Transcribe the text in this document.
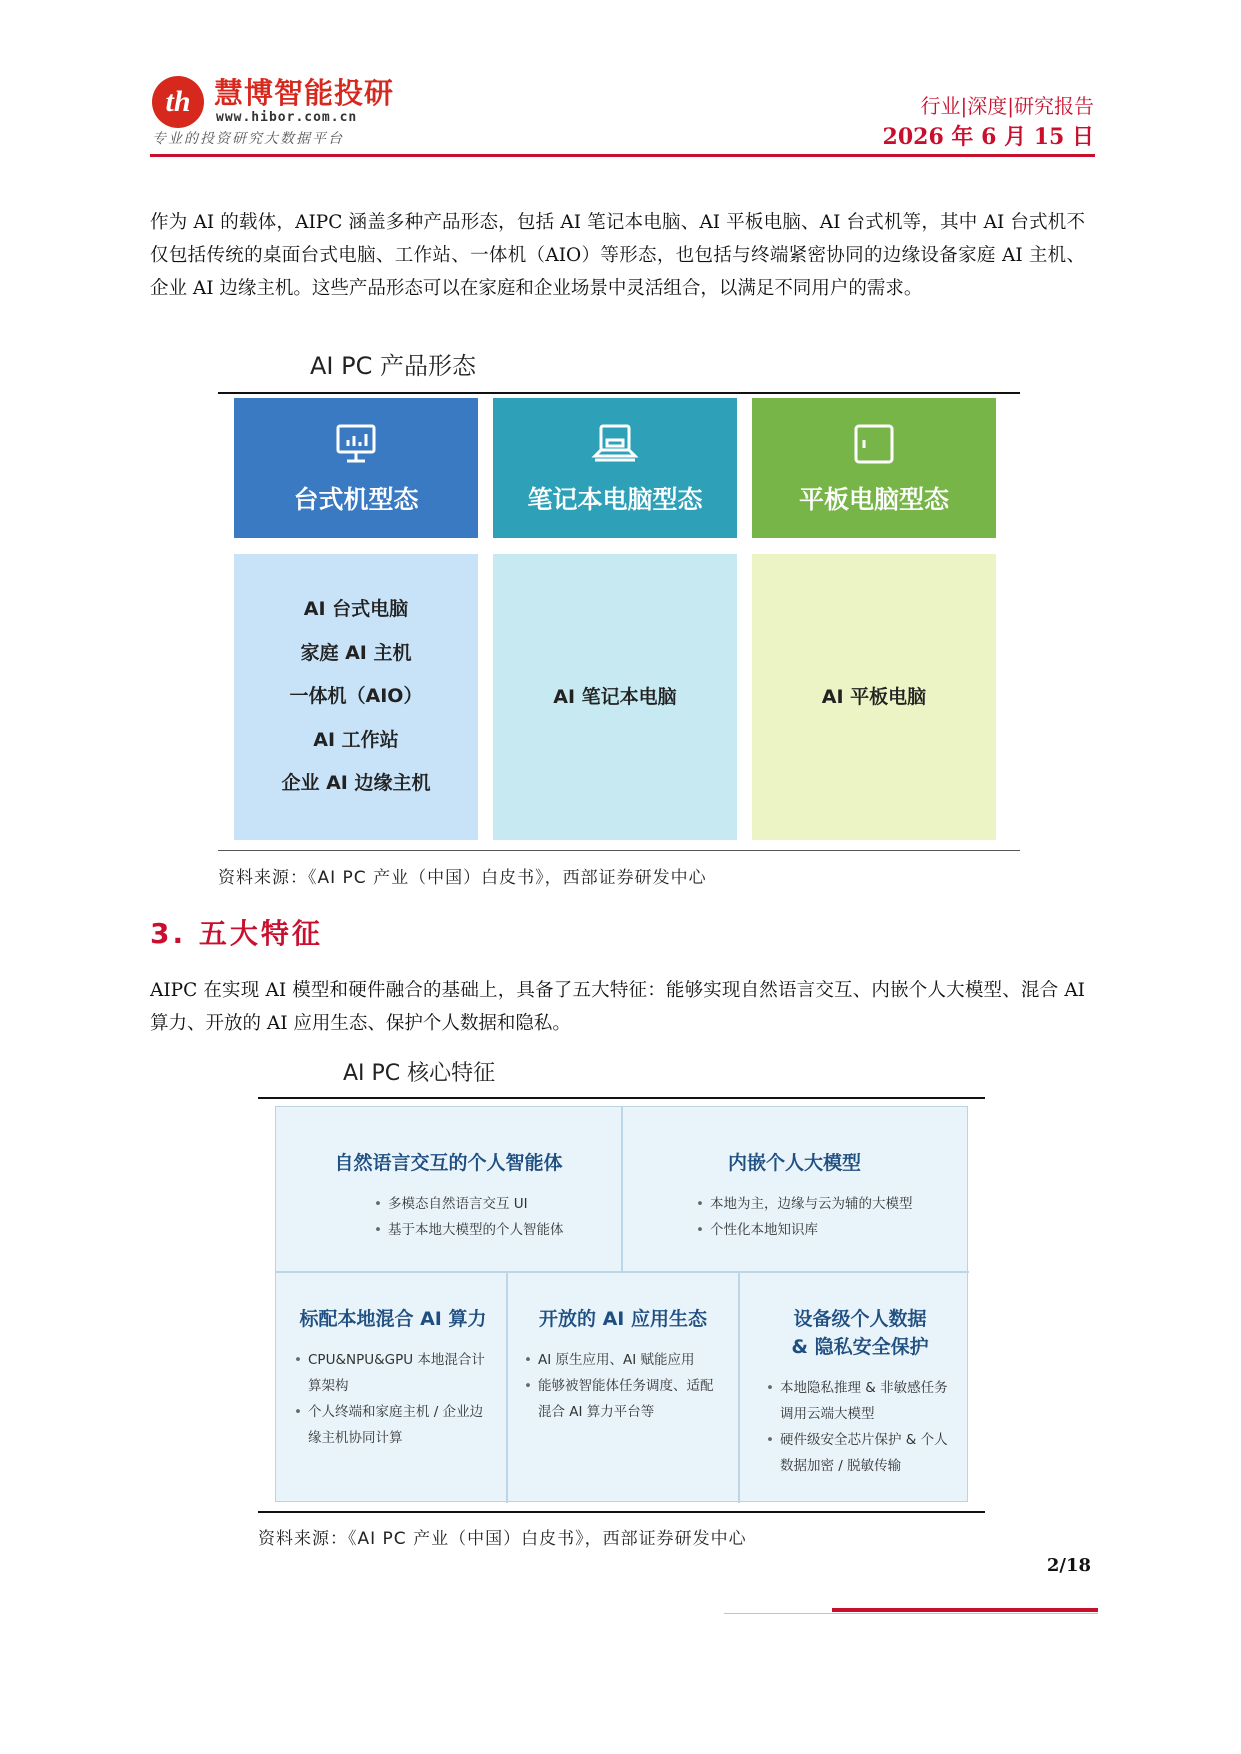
th 慧博智能投研
www.hibor.com.cn
专业的投资研究大数据平台
行业|深度|研究报告
2026 年 6 月 15 日
作为 AI 的载体，AIPC 涵盖多种产品形态，包括 AI 笔记本电脑、AI 平板电脑、AI 台式机等，其中 AI 台式机不仅包括传统的桌面台式电脑、工作站、一体机（AIO）等形态，也包括与终端紧密协同的边缘设备家庭 AI 主机、企业 AI 边缘主机。这些产品形态可以在家庭和企业场景中灵活组合，以满足不同用户的需求。
AI PC 产品形态
台式机型态	笔记本电脑型态	平板电脑型态
AI 台式电脑
家庭 AI 主机
一体机（AIO）
AI 工作站
企业 AI 边缘主机
AI 笔记本电脑	AI 平板电脑
资料来源：《AI PC 产业（中国）白皮书》，西部证券研发中心
3. 五大特征
AIPC 在实现 AI 模型和硬件融合的基础上，具备了五大特征：能够实现自然语言交互、内嵌个人大模型、混合 AI 算力、开放的 AI 应用生态、保护个人数据和隐私。
AI PC 核心特征
自然语言交互的个人智能体
• 多模态自然语言交互 UI
• 基于本地大模型的个人智能体
内嵌个人大模型
• 本地为主，边缘与云为辅的大模型
• 个性化本地知识库
标配本地混合 AI 算力
• CPU&NPU&GPU 本地混合计算架构
• 个人终端和家庭主机 / 企业边缘主机协同计算
开放的 AI 应用生态
• AI 原生应用、AI 赋能应用
• 能够被智能体任务调度、适配混合 AI 算力平台等
设备级个人数据 & 隐私安全保护
• 本地隐私推理 & 非敏感任务调用云端大模型
• 硬件级安全芯片保护 & 个人数据加密 / 脱敏传输
资料来源：《AI PC 产业（中国）白皮书》，西部证券研发中心
2/18
